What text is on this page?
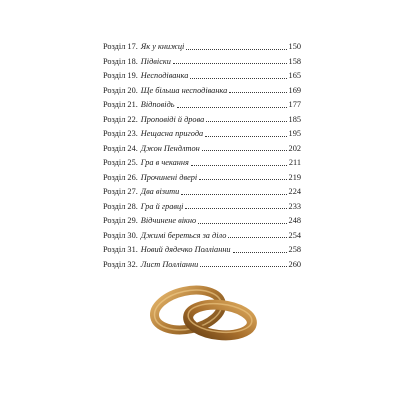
Розділ 17. Як у книжці	150
Розділ 18. Підвіски	158
Розділ 19. Несподіванка	165
Розділ 20. Ще більша несподіванка	169
Розділ 21. Відповідь	177
Розділ 22. Проповіді й дрова	185
Розділ 23. Нещасна пригода	195
Розділ 24. Джон Пендлтон	202
Розділ 25. Гра в чекання	211
Розділ 26. Прочинені двері	219
Розділ 27. Два візити	224
Розділ 28. Гра й гравці	233
Розділ 29. Відчинене вікно	248
Розділ 30. Джимі береться за діло	254
Розділ 31. Новий дядечко Полліанни	258
Розділ 32. Лист Полліанни	260
